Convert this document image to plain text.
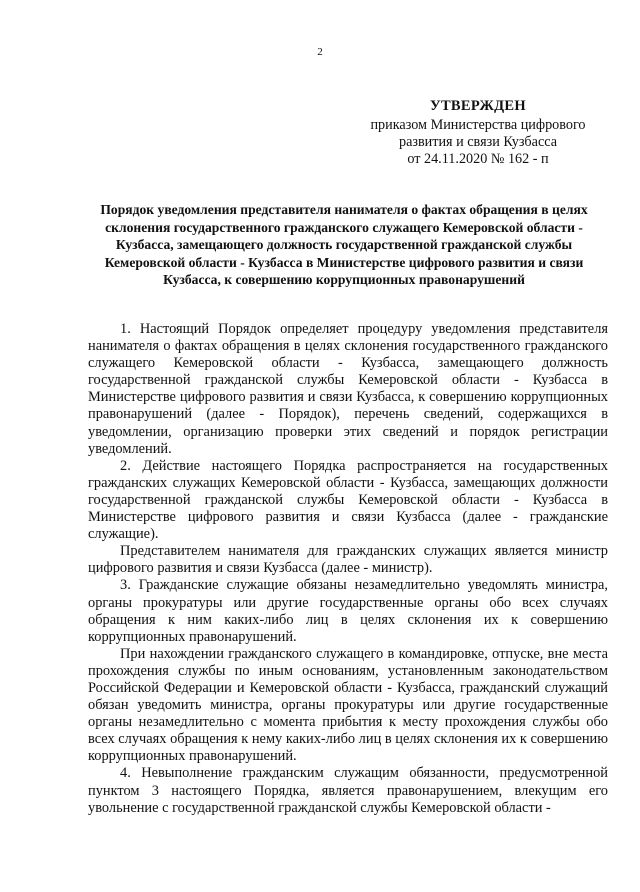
2
УТВЕРЖДЕН
приказом Министерства цифрового
развития и связи Кузбасса
от 24.11.2020 № 162 - п
Порядок уведомления представителя нанимателя о фактах обращения в целях склонения государственного гражданского служащего Кемеровской области - Кузбасса, замещающего должность государственной гражданской службы Кемеровской области - Кузбасса в Министерстве цифрового развития и связи Кузбасса, к совершению коррупционных правонарушений

1. Настоящий Порядок определяет процедуру уведомления представителя нанимателя о фактах обращения в целях склонения государственного гражданского служащего Кемеровской области - Кузбасса, замещающего должность государственной гражданской службы Кемеровской области - Кузбасса в Министерстве цифрового развития и связи Кузбасса, к совершению коррупционных правонарушений (далее - Порядок), перечень сведений, содержащихся в уведомлении, организацию проверки этих сведений и порядок регистрации уведомлений.

2. Действие настоящего Порядка распространяется на государственных гражданских служащих Кемеровской области - Кузбасса, замещающих должности государственной гражданской службы Кемеровской области - Кузбасса в Министерстве цифрового развития и связи Кузбасса (далее - гражданские служащие).

Представителем нанимателя для гражданских служащих является министр цифрового развития и связи Кузбасса (далее - министр).

3. Гражданские служащие обязаны незамедлительно уведомлять министра, органы прокуратуры или другие государственные органы обо всех случаях обращения к ним каких-либо лиц в целях склонения их к совершению коррупционных правонарушений.

При нахождении гражданского служащего в командировке, отпуске, вне места прохождения службы по иным основаниям, установленным законодательством Российской Федерации и Кемеровской области - Кузбасса, гражданский служащий обязан уведомить министра, органы прокуратуры или другие государственные органы незамедлительно с момента прибытия к месту прохождения службы обо всех случаях обращения к нему каких-либо лиц в целях склонения их к совершению коррупционных правонарушений.

4. Невыполнение гражданским служащим обязанности, предусмотренной пунктом 3 настоящего Порядка, является правонарушением, влекущим его увольнение с государственной гражданской службы Кемеровской области -
